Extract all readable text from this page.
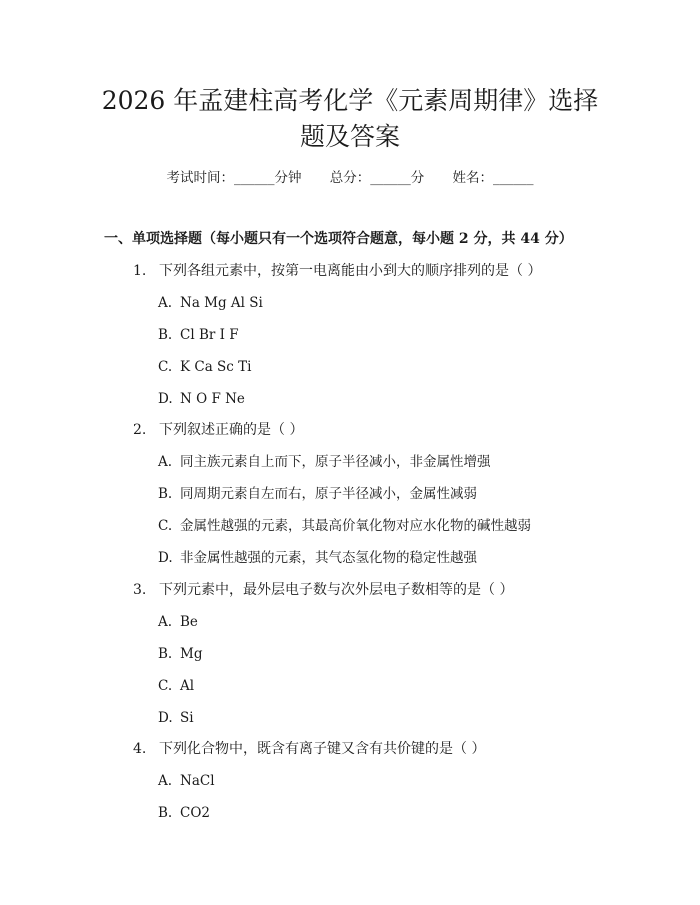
2026 年孟建柱高考化学《元素周期律》选择
题及答案
考试时间：______分钟 总分：______分 姓名：______
一、单项选择题（每小题只有一个选项符合题意，每小题 2 分，共 44 分）
1. 下列各组元素中，按第一电离能由小到大的顺序排列的是（ ）
A. Na Mg Al Si
B. Cl Br I F
C. K Ca Sc Ti
D. N O F Ne
2. 下列叙述正确的是（ ）
A. 同主族元素自上而下，原子半径减小，非金属性增强
B. 同周期元素自左而右，原子半径减小，金属性减弱
C. 金属性越强的元素，其最高价氧化物对应水化物的碱性越弱
D. 非金属性越强的元素，其气态氢化物的稳定性越强
3. 下列元素中，最外层电子数与次外层电子数相等的是（ ）
A. Be
B. Mg
C. Al
D. Si
4. 下列化合物中，既含有离子键又含有共价键的是（ ）
A. NaCl
B. CO2
